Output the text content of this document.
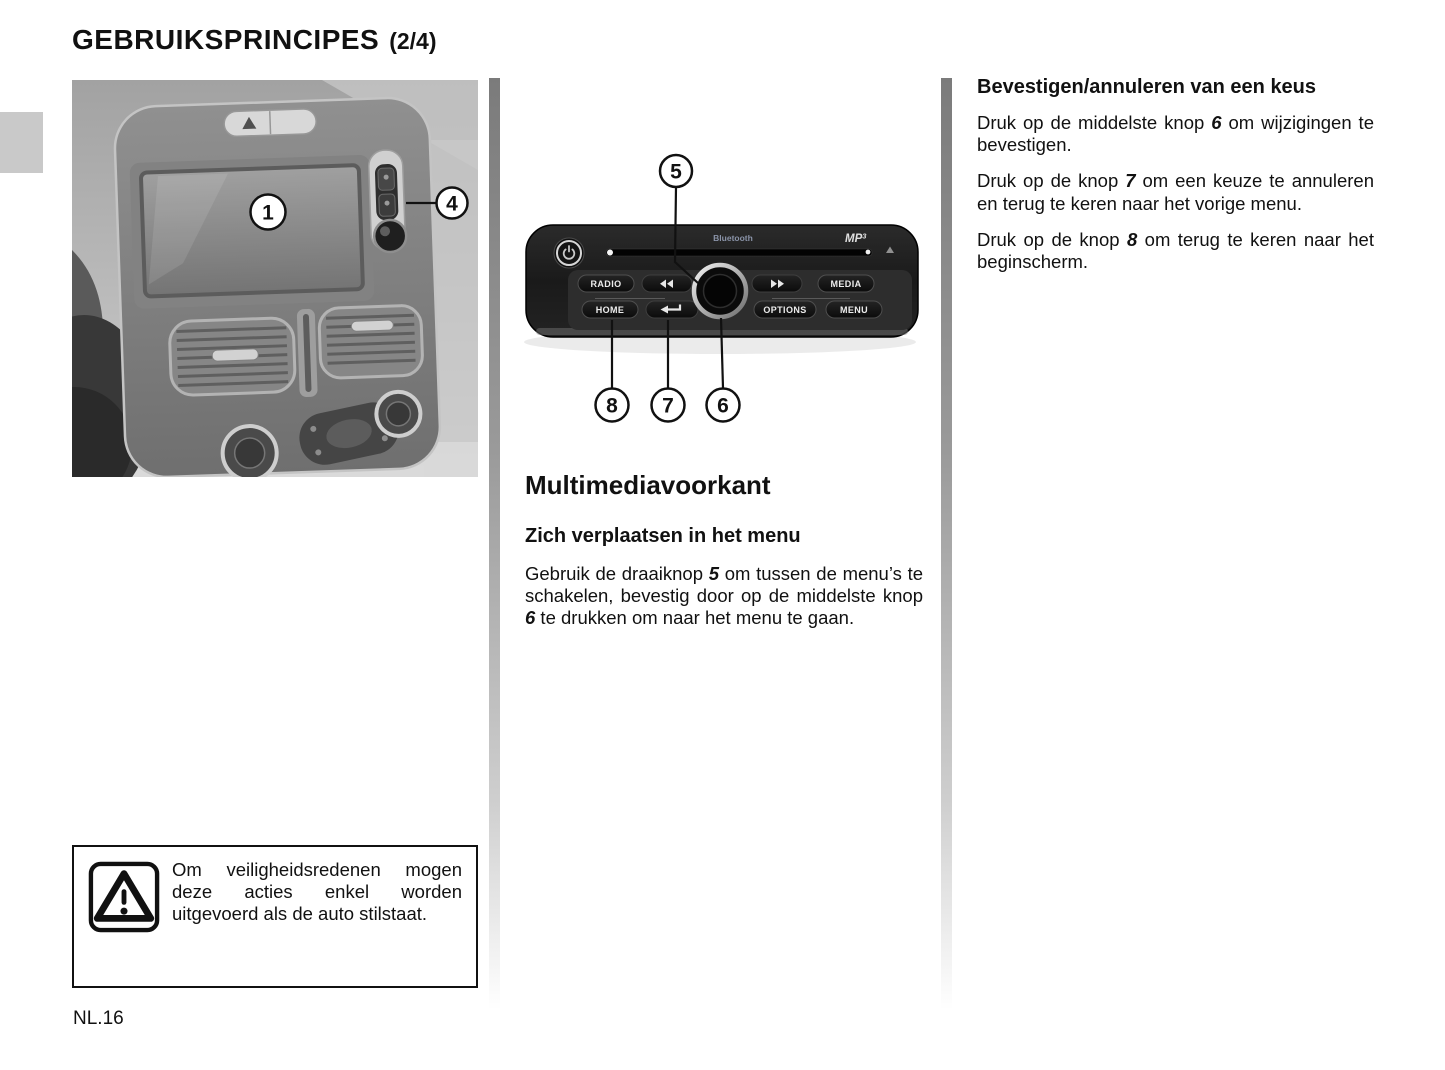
GEBRUIKSPRINCIPES (2/4)
1	4
Bluetooth	$MP^3$
RADIO	MEDIA
HOME	OPTIONS	MENU
5
8 7 6
Multimediavoorkant
Zich verplaatsen in het menu

Gebruik de draaiknop 5 om tussen de menu’s te schakelen, bevestig door op de middelste knop 6 te drukken om naar het menu te gaan.

Bevestigen/annuleren van een keus

Druk op de middelste knop 6 om wijzigingen te bevestigen.

Druk op de knop 7 om een keuze te annuleren en terug te keren naar het vorige menu.

Druk op de knop 8 om terug te keren naar het beginscherm.

Om veiligheidsredenen mogen deze acties enkel worden uitgevoerd als de auto stilstaat.

NL.16
